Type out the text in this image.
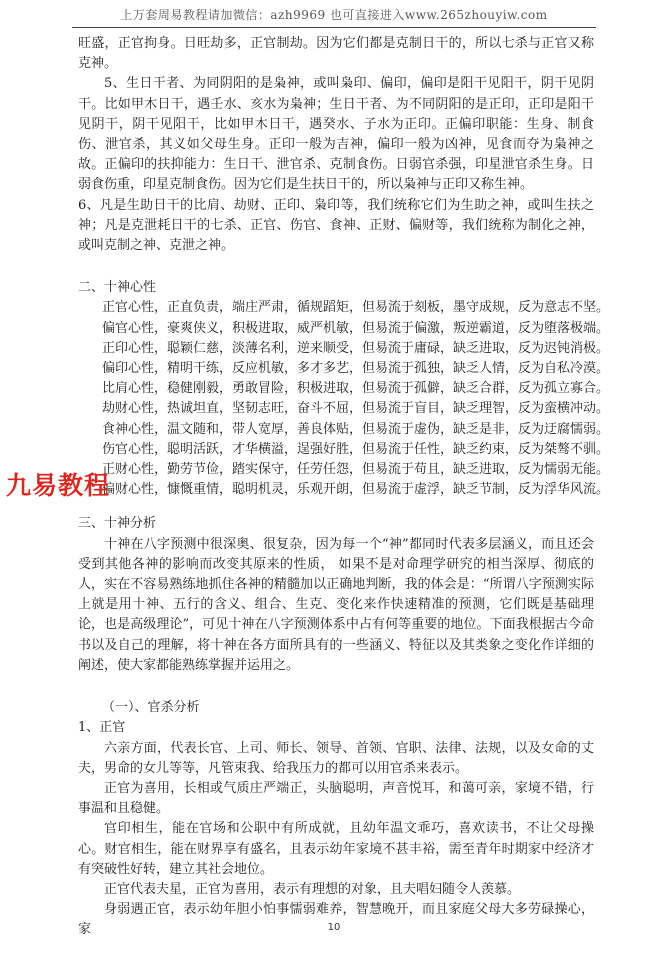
上万套周易教程请加微信：azh9969 也可直接进入www.265zhouyiw.com

旺盛，正官拘身。日旺劫多，正官制劫。因为它们都是克制日干的，所以七杀与正官又称克神。

5、生日干者、为同阴阳的是枭神，或叫枭印、偏印，偏印是阳干见阳干，阴干见阴干。比如甲木日干，遇壬水、亥水为枭神；生日干者、为不同阴阳的是正印，正印是阳干见阴干，阴干见阳干，比如甲木日干，遇癸水、子水为正印。正偏印职能：生身、制食伤、泄官杀，其义如父母生身。正印一般为吉神，偏印一般为凶神，见食而夺为枭神之故。正偏印的扶抑能力：生日干、泄官杀、克制食伤。日弱官杀强，印星泄官杀生身。日弱食伤重，印星克制食伤。因为它们是生扶日干的，所以枭神与正印又称生神。

6、凡是生助日干的比肩、劫财、正印、枭印等，我们统称它们为生助之神，或叫生扶之神；凡是克泄耗日干的七杀、正官、伤官、食神、正财、偏财等，我们统称为制化之神，或叫克制之神、克泄之神。

二、十神心性

正官心性，正直负责，端庄严肃，循规蹈矩，但易流于刻板，墨守成规，反为意志不坚。
偏官心性，豪爽侠义，积极进取，威严机敏，但易流于偏激，叛逆霸道，反为堕落极端。
正印心性，聪颖仁慈，淡薄名利，逆来顺受，但易流于庸碌，缺乏进取，反为迟钝消极。
偏印心性，精明干练，反应机敏，多才多艺，但易流于孤独，缺乏人情，反为自私冷漠。
比肩心性，稳健刚毅，勇敢冒险，积极进取，但易流于孤僻，缺乏合群，反为孤立寡合。
劫财心性，热诚坦直，坚韧志旺，奋斗不屈，但易流于盲目，缺乏理智，反为蛮横冲动。
食神心性，温文随和，带人宽厚，善良体贴，但易流于虚伪，缺乏是非，反为迂腐懦弱。
伤官心性，聪明活跃，才华横溢，逞强好胜，但易流于任性，缺乏约束，反为桀骜不驯。
正财心性，勤劳节俭，踏实保守，任劳任怨，但易流于苟且，缺乏进取，反为懦弱无能。
偏财心性，慷慨重情，聪明机灵，乐观开朗，但易流于虚浮，缺乏节制，反为浮华风流。

三、十神分析

十神在八字预测中很深奥、很复杂，因为每一个“神”都同时代表多层涵义，而且还会受到其他各神的影响而改变其原来的性质， 如果不是对命理学研究的相当深厚、彻底的人，实在不容易熟练地抓住各神的精髓加以正确地判断，我的体会是：“所谓八字预测实际上就是用十神、五行的含义、组合、生克、变化来作快速精准的预测，它们既是基础理论，也是高级理论”，可见十神在八字预测体系中占有何等重要的地位。下面我根据古今命书以及自己的理解，将十神在各方面所具有的一些涵义、特征以及其类象之变化作详细的阐述，使大家都能熟练掌握并运用之。

（一）、官杀分析

1、正官

六亲方面，代表长官、上司、师长、领导、首领、官职、法律、法规，以及女命的丈夫，男命的女儿等等，凡管束我、给我压力的都可以用官杀来表示。

正官为喜用，长相或气质庄严端正，头脑聪明，声音悦耳，和蔼可亲，家境不错，行事温和且稳健。

官印相生，能在官场和公职中有所成就，且幼年温文乖巧，喜欢读书，不让父母操心。财官相生，能在财界享有盛名，且表示幼年家境不甚丰裕，需至青年时期家中经济才有突破性好转，建立其社会地位。

正官代表夫星，正官为喜用，表示有理想的对象，且夫唱妇随令人羡慕。

身弱遇正官，表示幼年胆小怕事懦弱难养，智慧晚开，而且家庭父母大多劳碌操心，家

九易教程
10
